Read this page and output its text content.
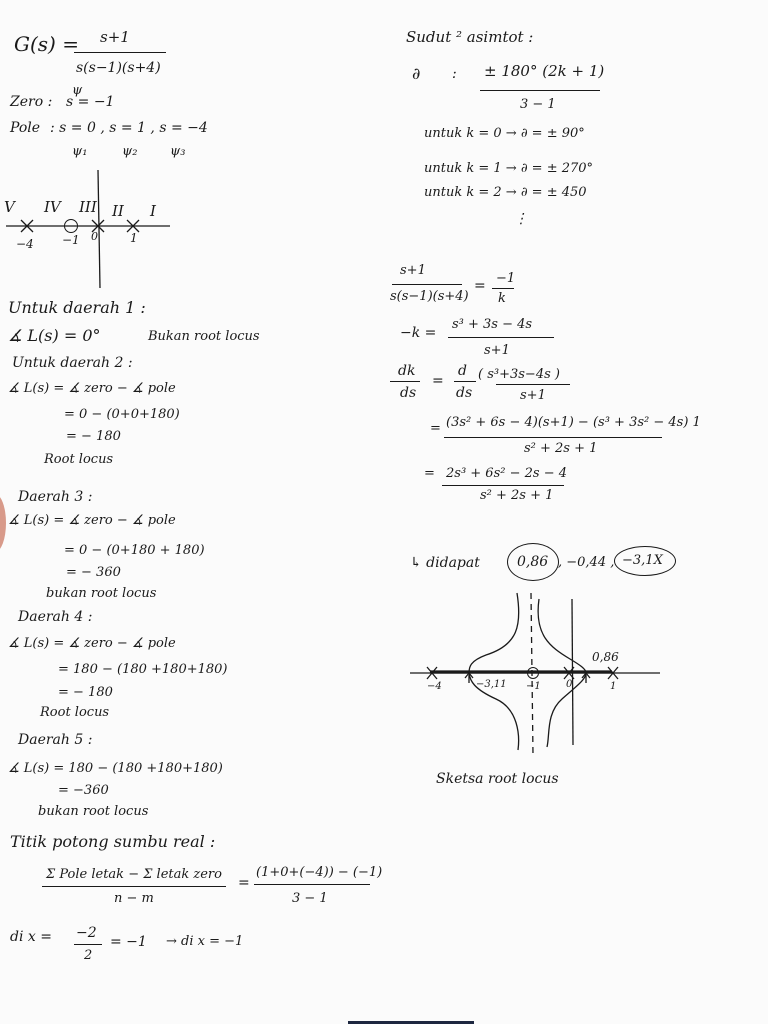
G(s) = s+1
s(s−1)(s+4)
ψ
Zero : s = −1
Pole : s = 0 , s = 1 , s = −4
ψ₁	ψ₂	ψ₃
V IV III II I
−4 −1 0	1
Untuk daerah 1 :
∡ L(s) = 0°	Bukan root locus
Untuk daerah 2 :
∡ L(s) = ∡ zero − ∡ pole
= 0 − (0+0+180)
= − 180
Root locus
Daerah 3 :
∡ L(s) = ∡ zero − ∡ pole
= 0 − (0+180 + 180)
= − 360
bukan root locus
Daerah 4 :
∡ L(s) = ∡ zero − ∡ pole
= 180 − (180 +180+180)
= − 180
Root locus
Daerah 5 :
∡ L(s) = 180 − (180 +180+180)
= −360
bukan root locus
Titik potong sumbu real :
Σ Pole letak − Σ letak zero
n − m
=
(1+0+(−4)) − (−1)
3 − 1
di x = −2
2
= −1 → di x = −1
Sudut ² asimtot :
∂ : ± 180° (2k + 1)
3 − 1
untuk k = 0 → ∂ = ± 90°
untuk k = 1 → ∂ = ± 270°
untuk k = 2 → ∂ = ± 450
⋮
s+1
s(s−1)(s+4)
= −1
k
−k =
s³ + 3s − 4s
s+1
dk
ds
=
d
ds
( s³+3s−4s )
s+1
= (3s² + 6s − 4)(s+1) − (s³ + 3s² − 4s) 1
s² + 2s + 1
= 2s³ + 6s² − 2s − 4
s² + 2s + 1
↳ didapat	0,86 , −0,44 , −3,1X
−4	−3,11 −1	0	1
0,86
Sketsa root locus
